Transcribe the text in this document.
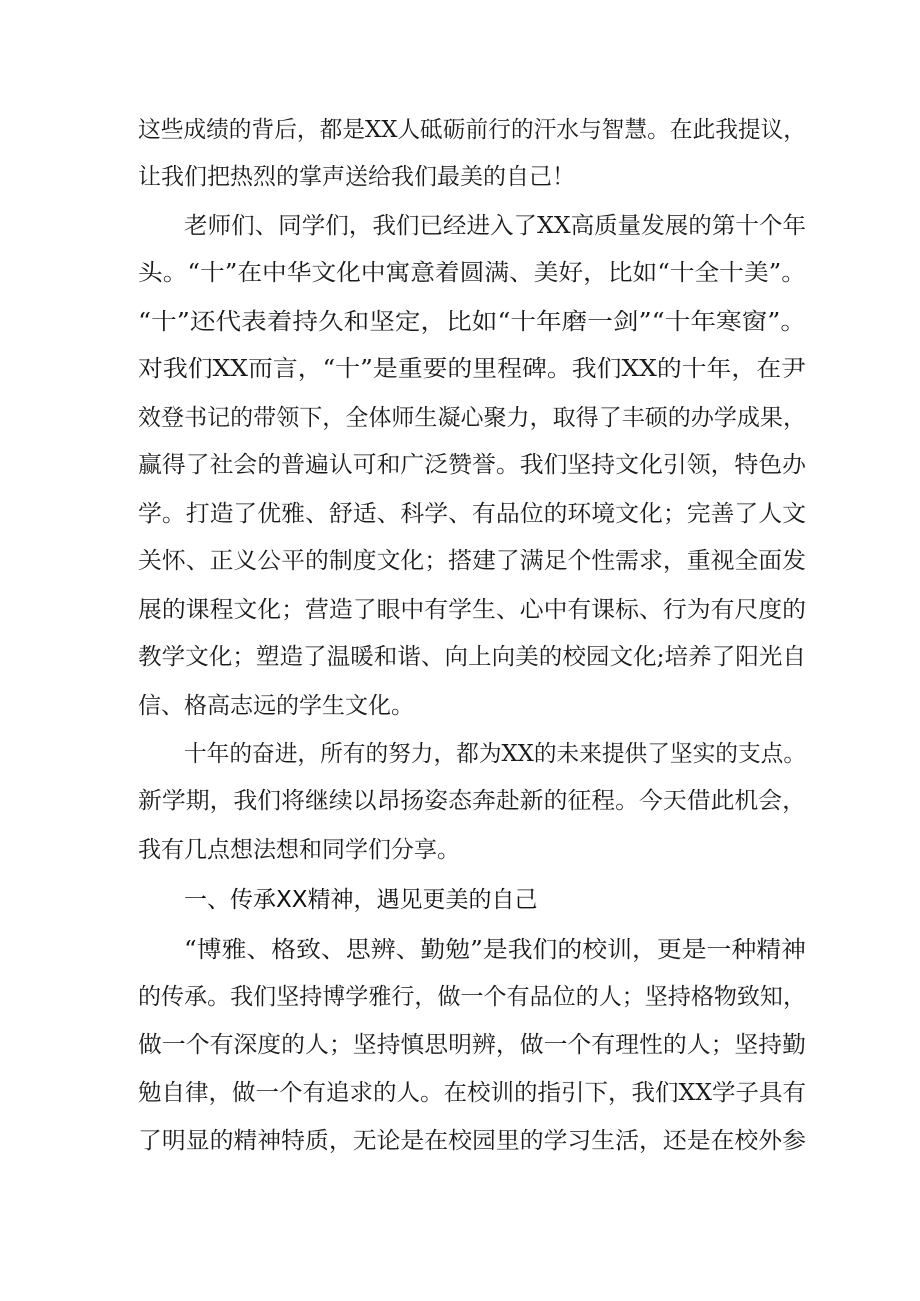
这些成绩的背后，都是XX人砥砺前行的汗水与智慧。在此我提议，
让我们把热烈的掌声送给我们最美的自己！
老师们、同学们，我们已经进入了XX高质量发展的第十个年
头。“十”在中华文化中寓意着圆满、美好，比如“十全十美”。
“十”还代表着持久和坚定，比如“十年磨一剑”“十年寒窗”。
对我们XX而言，“十”是重要的里程碑。我们XX的十年，在尹
效登书记的带领下，全体师生凝心聚力，取得了丰硕的办学成果，
赢得了社会的普遍认可和广泛赞誉。我们坚持文化引领，特色办
学。打造了优雅、舒适、科学、有品位的环境文化；完善了人文
关怀、正义公平的制度文化；搭建了满足个性需求，重视全面发
展的课程文化；营造了眼中有学生、心中有课标、行为有尺度的
教学文化；塑造了温暖和谐、向上向美的校园文化;培养了阳光自
信、格高志远的学生文化。
十年的奋进，所有的努力，都为XX的未来提供了坚实的支点。
新学期，我们将继续以昂扬姿态奔赴新的征程。今天借此机会，
我有几点想法想和同学们分享。
一、传承XX精神，遇见更美的自己
“博雅、格致、思辨、勤勉”是我们的校训，更是一种精神
的传承。我们坚持博学雅行，做一个有品位的人；坚持格物致知，
做一个有深度的人；坚持慎思明辨，做一个有理性的人；坚持勤
勉自律，做一个有追求的人。在校训的指引下，我们XX学子具有
了明显的精神特质，无论是在校园里的学习生活，还是在校外参
